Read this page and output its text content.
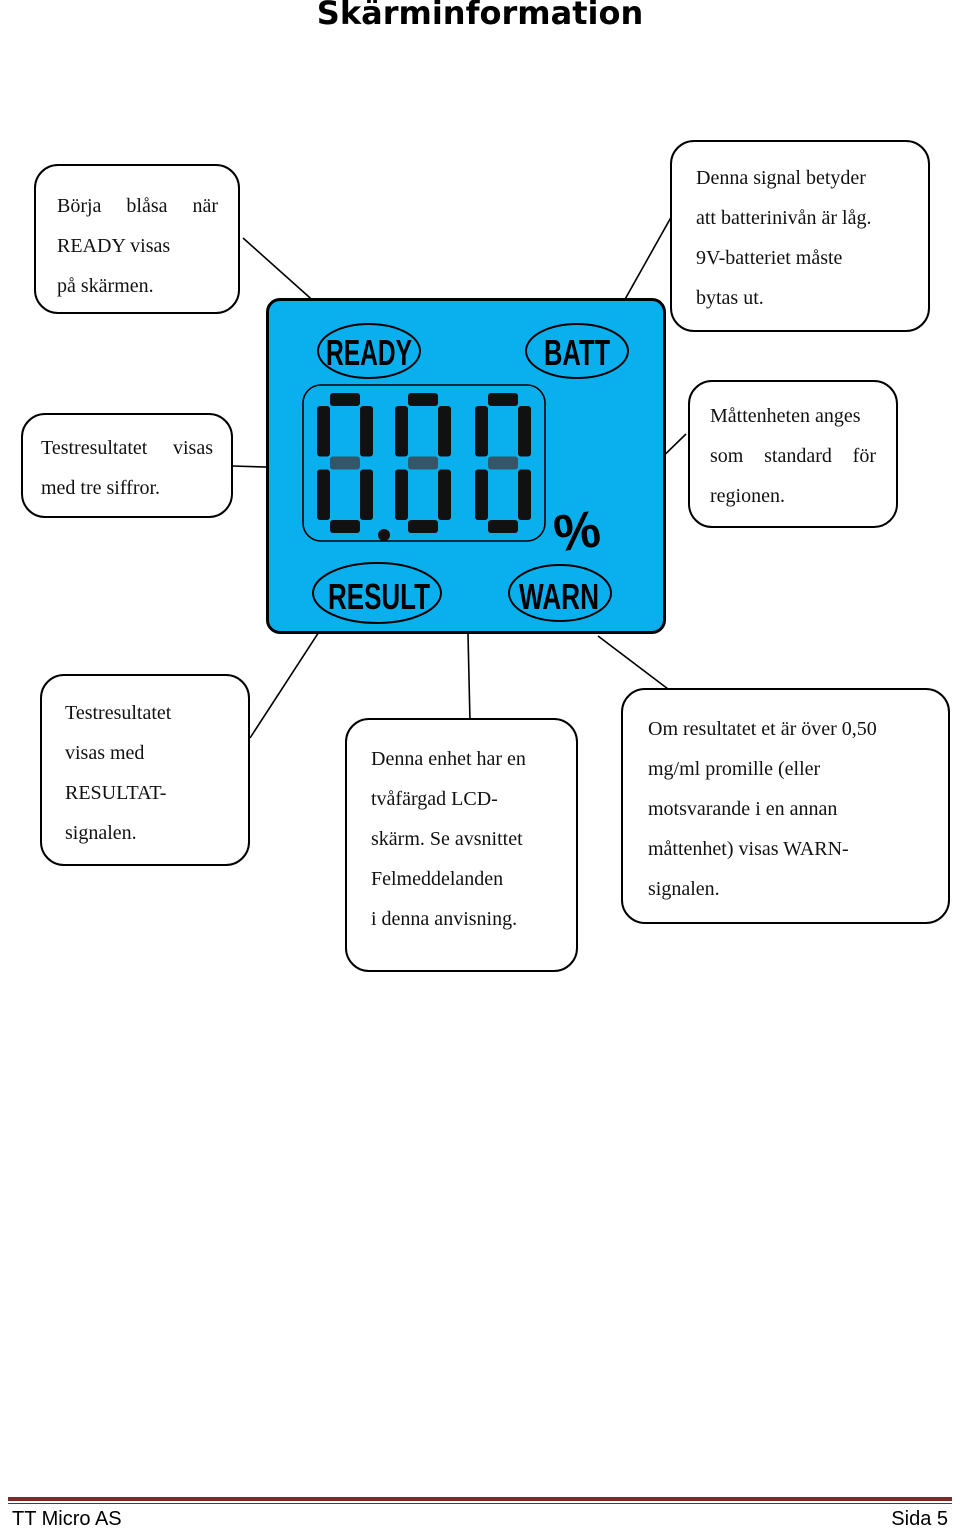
Skärminformation
READY	BATT
%
RESULT WARN
Börja blåsa när
READY visas
på skärmen.
Denna signal betyder
att batterinivån är låg.
9V-batteriet måste
bytas ut.
Testresultatet visas
med tre siffror.
Måttenheten anges
som standard för
regionen.
Testresultatet
visas med
RESULTAT-
signalen.
Denna enhet har en
tvåfärgad LCD-
skärm. Se avsnittet
Felmeddelanden
i denna anvisning.
Om resultatet et är över 0,50
mg/ml promille (eller
motsvarande i en annan
måttenhet) visas WARN-
signalen.
TT Micro AS	Sida 5
